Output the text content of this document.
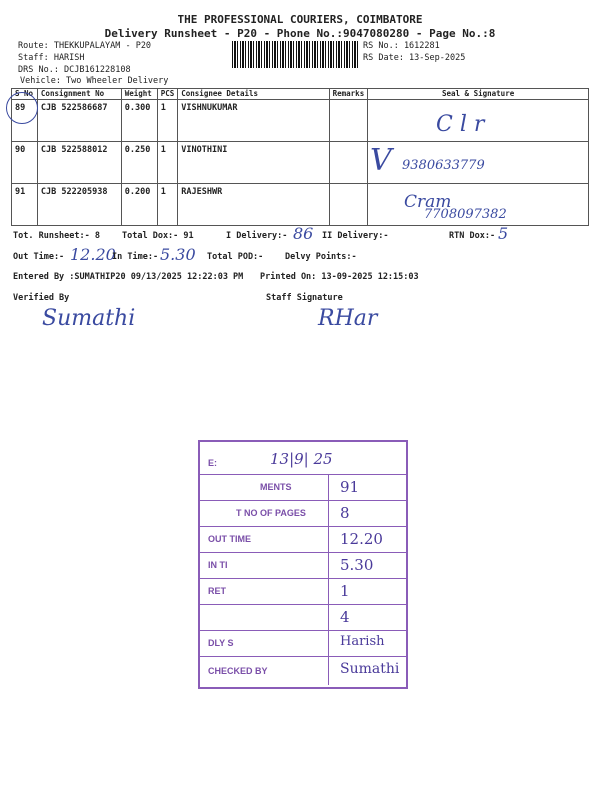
THE PROFESSIONAL COURIERS, COIMBATORE
Delivery Runsheet - P20 - Phone No.:9047080280 - Page No.:8
Route: THEKKUPALAYAM - P20
Staff: HARISH
DRS No.: DCJB161228108
Vehicle: Two Wheeler Delivery
RS No.: 1612281
RS Date: 13-Sep-2025
S No	Consignment No	Weight	PCS	Consignee Details	Remarks	Seal & Signature
89	CJB 522586687	0.300	1	VISHNUKUMAR		
90	CJB 522588012	0.250	1	VINOTHINI		
91	CJB 522205938	0.200	1	RAJESHWR		
C l r
V 9380633779
Cram
7708097382
Tot. Runsheet:- 8	Total Dox:- 91	I Delivery:- 86 II Delivery:-	RTN Dox:- 5
Out Time:- 12.20
In Time:- 5.30 Total POD:-	Delvy Points:-
Entered By :SUMATHIP20 09/13/2025 12:22:03 PM Printed On: 13-09-2025 12:15:03
Verified By	Staff Signature
Sumathi	RHar
E:	13|9| 25
MENTS	91
T NO OF PAGES 8
OUT TIME	12.20
IN TI	5.30
RET	1
4
DLY S	Harish
CHECKED BY	Sumathi
